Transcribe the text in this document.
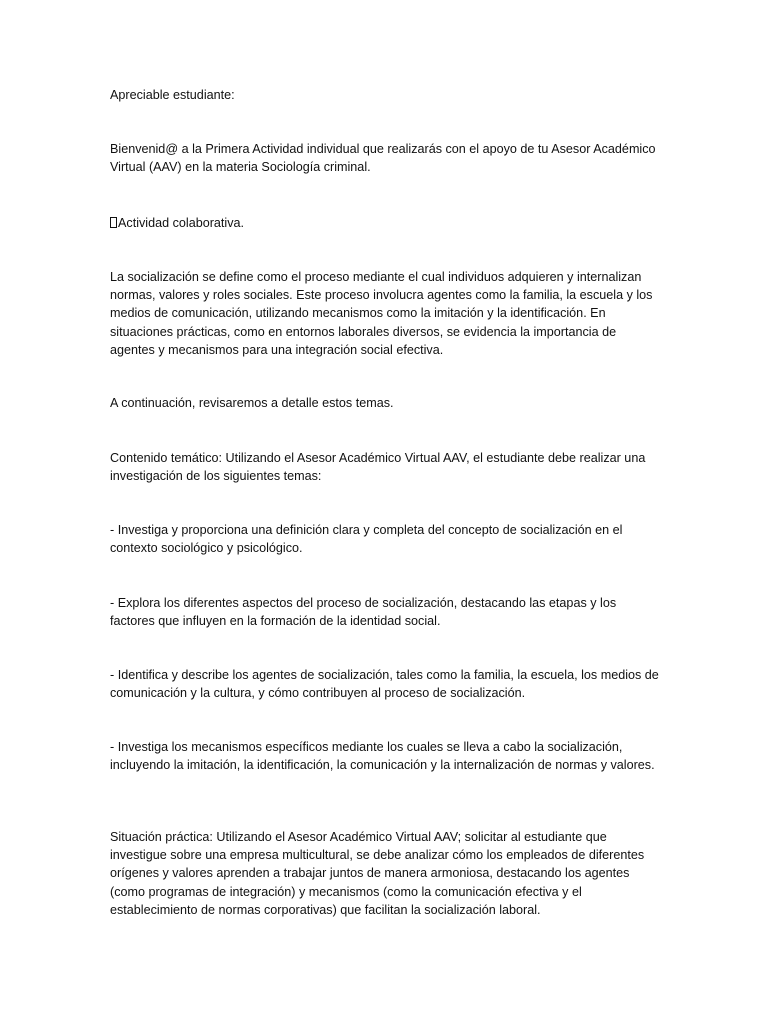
Apreciable estudiante:

Bienvenid@ a la Primera Actividad individual que realizarás con el apoyo de tu Asesor Académico Virtual (AAV) en la materia Sociología criminal.

Actividad colaborativa.

La socialización se define como el proceso mediante el cual individuos adquieren y internalizan normas, valores y roles sociales. Este proceso involucra agentes como la familia, la escuela y los medios de comunicación, utilizando mecanismos como la imitación y la identificación. En situaciones prácticas, como en entornos laborales diversos, se evidencia la importancia de agentes y mecanismos para una integración social efectiva.

A continuación, revisaremos a detalle estos temas.

Contenido temático: Utilizando el Asesor Académico Virtual AAV, el estudiante debe realizar una investigación de los siguientes temas:

- Investiga y proporciona una definición clara y completa del concepto de socialización en el contexto sociológico y psicológico.

- Explora los diferentes aspectos del proceso de socialización, destacando las etapas y los factores que influyen en la formación de la identidad social.

- Identifica y describe los agentes de socialización, tales como la familia, la escuela, los medios de comunicación y la cultura, y cómo contribuyen al proceso de socialización.

- Investiga los mecanismos específicos mediante los cuales se lleva a cabo la socialización, incluyendo la imitación, la identificación, la comunicación y la internalización de normas y valores.

Situación práctica: Utilizando el Asesor Académico Virtual AAV; solicitar al estudiante que investigue sobre una empresa multicultural, se debe analizar cómo los empleados de diferentes orígenes y valores aprenden a trabajar juntos de manera armoniosa, destacando los agentes (como programas de integración) y mecanismos (como la comunicación efectiva y el establecimiento de normas corporativas) que facilitan la socialización laboral.
